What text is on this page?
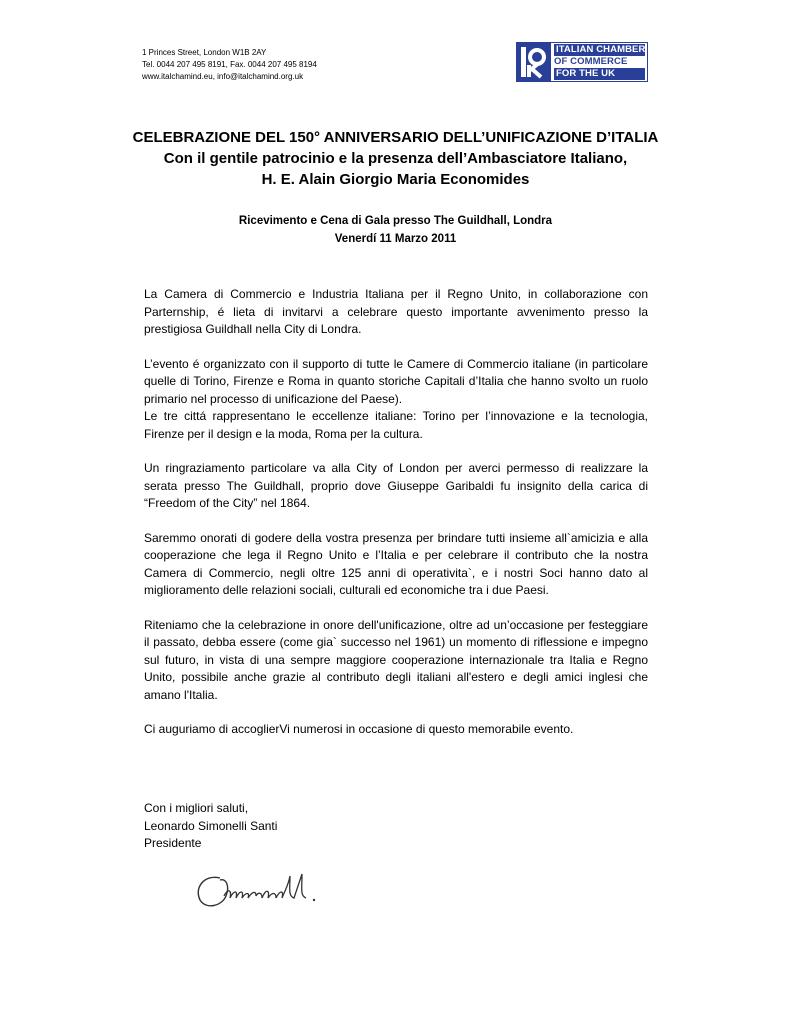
1 Princes Street, London W1B 2AY
Tel. 0044 207 495 8191, Fax. 0044 207 495 8194
www.italchamind.eu, info@italchamind.org.uk
ITALIAN CHAMBER
OF COMMERCE
FOR THE UK
CELEBRAZIONE DEL 150° ANNIVERSARIO DELL’UNIFICAZIONE D’ITALIA
Con il gentile patrocinio e la presenza dell’Ambasciatore Italiano,
H. E. Alain Giorgio Maria Economides
Ricevimento e Cena di Gala presso The Guildhall, Londra
Venerdí 11 Marzo 2011

La Camera di Commercio e Industria Italiana per il Regno Unito, in collaborazione con Parternship, é lieta di invitarvi a celebrare questo importante avvenimento presso la prestigiosa Guildhall nella City di Londra.

L’evento é organizzato con il supporto di tutte le Camere di Commercio italiane (in particolare quelle di Torino, Firenze e Roma in quanto storiche Capitali d’Italia che hanno svolto un ruolo primario nel processo di unificazione del Paese).

Le tre cittá rappresentano le eccellenze italiane: Torino per l’innovazione e la tecnologia, Firenze per il design e la moda, Roma per la cultura.

Un ringraziamento particolare va alla City of London per averci permesso di realizzare la serata presso The Guildhall, proprio dove Giuseppe Garibaldi fu insignito della carica di “Freedom of the City” nel 1864.

Saremmo onorati di godere della vostra presenza per brindare tutti insieme all`amicizia e alla cooperazione che lega il Regno Unito e l’Italia e per celebrare il contributo che la nostra Camera di Commercio, negli oltre 125 anni di operativita`, e i nostri Soci hanno dato al miglioramento delle relazioni sociali, culturali ed economiche tra i due Paesi.

Riteniamo che la celebrazione in onore dell'unificazione, oltre ad un’occasione per festeggiare il passato, debba essere (come gia` successo nel 1961) un momento di riflessione e impegno sul futuro, in vista di una sempre maggiore cooperazione internazionale tra Italia e Regno Unito, possibile anche grazie al contributo degli italiani all'estero e degli amici inglesi che amano l'Italia.

Ci auguriamo di accoglierVi numerosi in occasione di questo memorabile evento.

Con i migliori saluti,
Leonardo Simonelli Santi
Presidente
